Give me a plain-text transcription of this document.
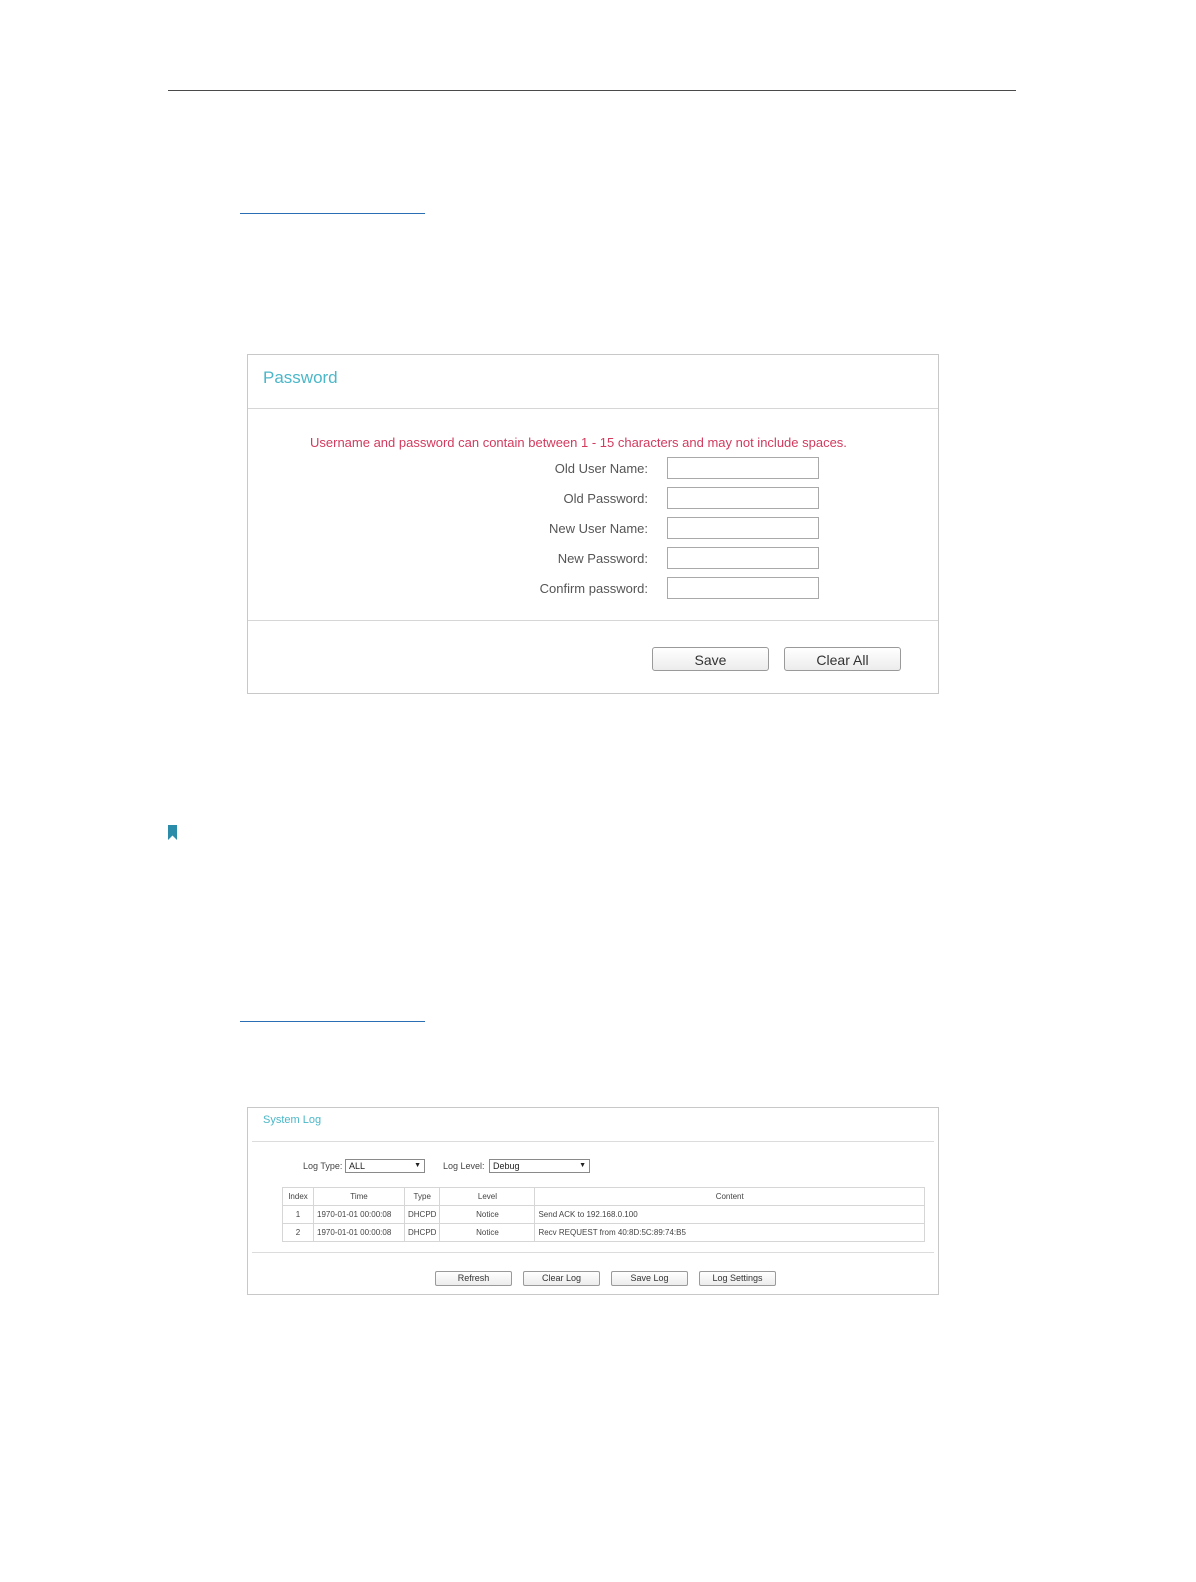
Password
Username and password can contain between 1 - 15 characters and may not include spaces.
Old User Name:
Old Password:
New User Name:
New Password:
Confirm password:
Save	Clear All
System Log
Log Type: ALL	▼ Log Level: Debug	▼
Index	Time	Type	Level	Content
1	1970-01-01 00:00:08	DHCPD	Notice	Send ACK to 192.168.0.100
2	1970-01-01 00:00:08	DHCPD	Notice	Recv REQUEST from 40:8D:5C:89:74:B5
Refresh	Clear Log	Save Log	Log Settings
